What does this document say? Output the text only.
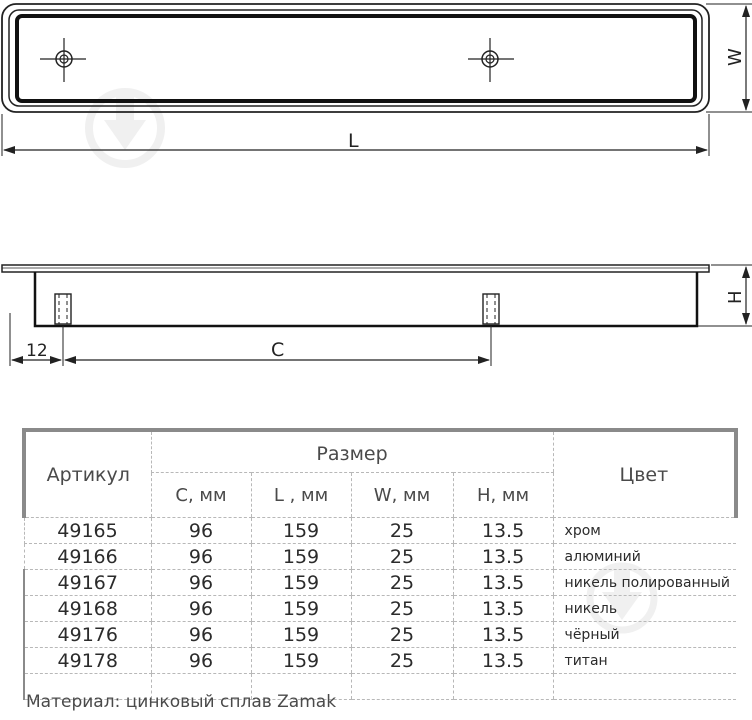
L
W
H
12	C
Артикул	Размер				Цвет
	C, мм	L , мм	W, мм	H, мм	
49165	96	159	25	13.5	хром
49166	96	159	25	13.5	алюминий
49167	96	159	25	13.5	никель полированный
49168	96	159	25	13.5	никель
49176	96	159	25	13.5	чёрный
49178	96	159	25	13.5	титан

Материал: цинковый сплав Zamak
